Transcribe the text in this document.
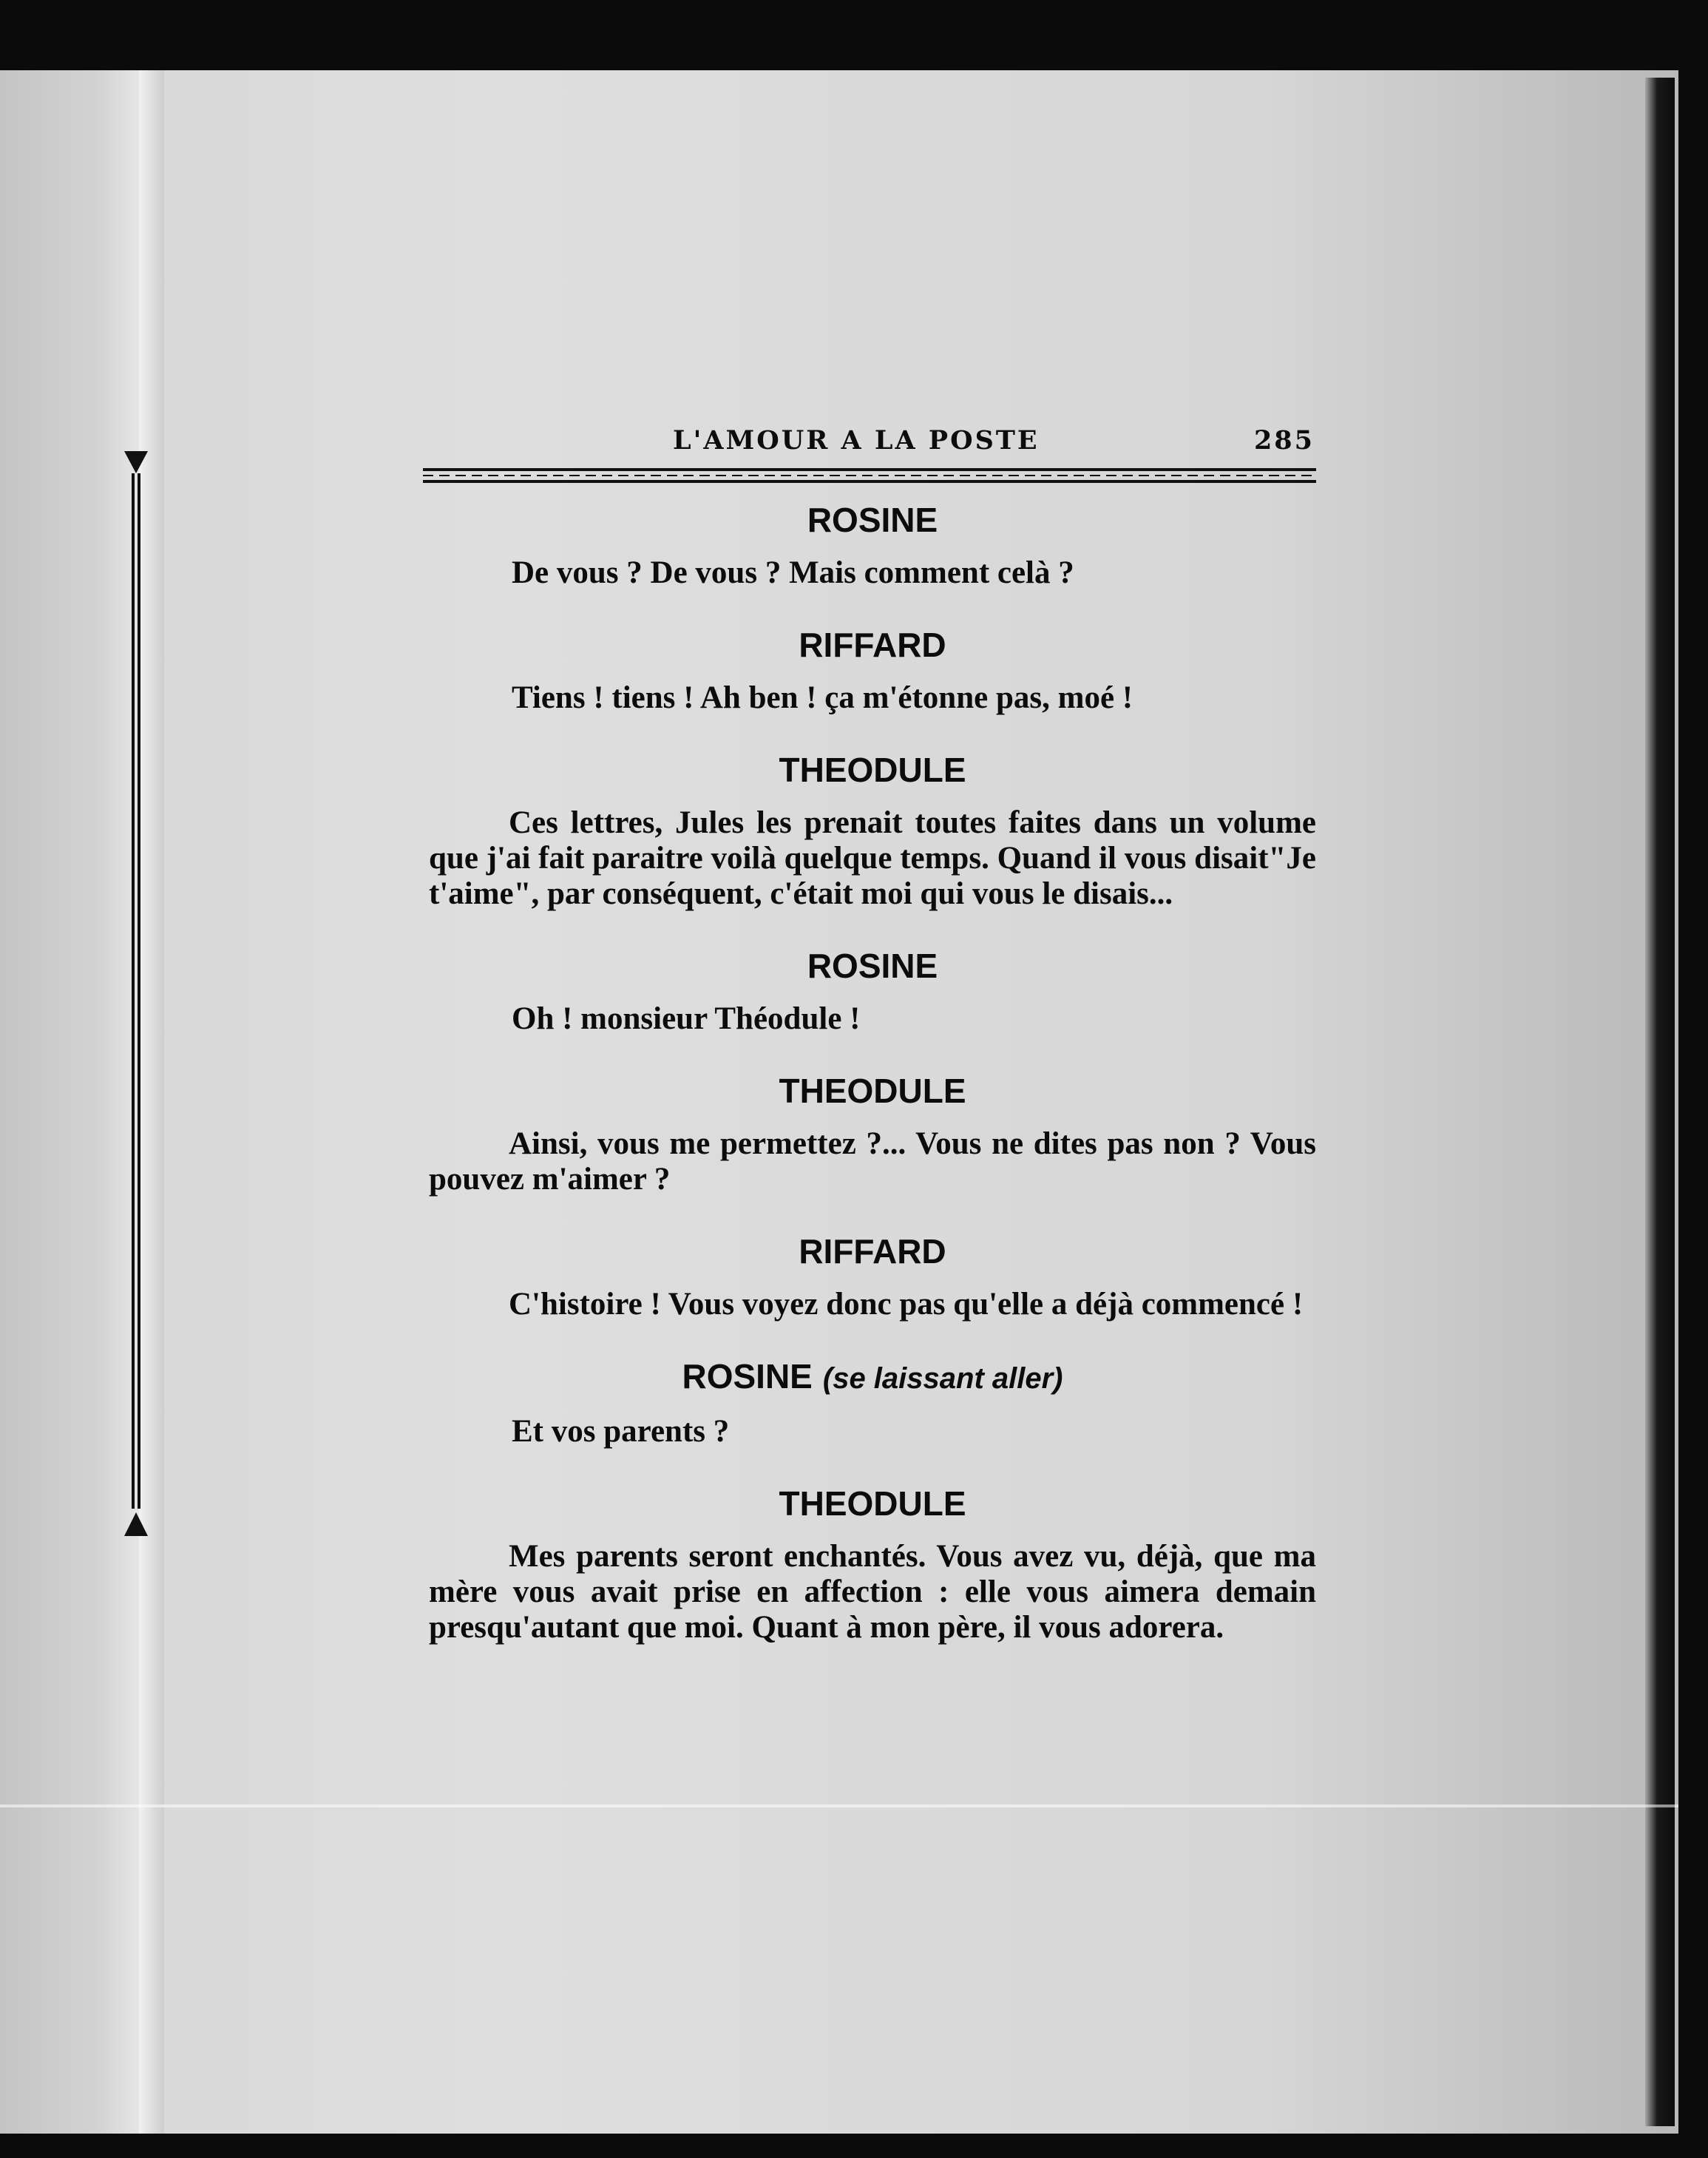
L'AMOUR A LA POSTE	285
ROSINE

De vous ? De vous ? Mais comment celà ?

RIFFARD

Tiens ! tiens ! Ah ben ! ça m'étonne pas, moé !

THEODULE

Ces lettres, Jules les prenait toutes faites dans un volume que j'ai fait paraitre voilà quelque temps. Quand il vous disait"Je t'aime", par conséquent, c'était moi qui vous le disais...

ROSINE

Oh ! monsieur Théodule !

THEODULE

Ainsi, vous me permettez ?... Vous ne dites pas non ? Vous pouvez m'aimer ?

RIFFARD

C'histoire ! Vous voyez donc pas qu'elle a déjà commencé !

ROSINE (se laissant aller)

Et vos parents ?

THEODULE

Mes parents seront enchantés. Vous avez vu, déjà, que ma mère vous avait prise en affection : elle vous aimera demain presqu'autant que moi. Quant à mon père, il vous adorera.
